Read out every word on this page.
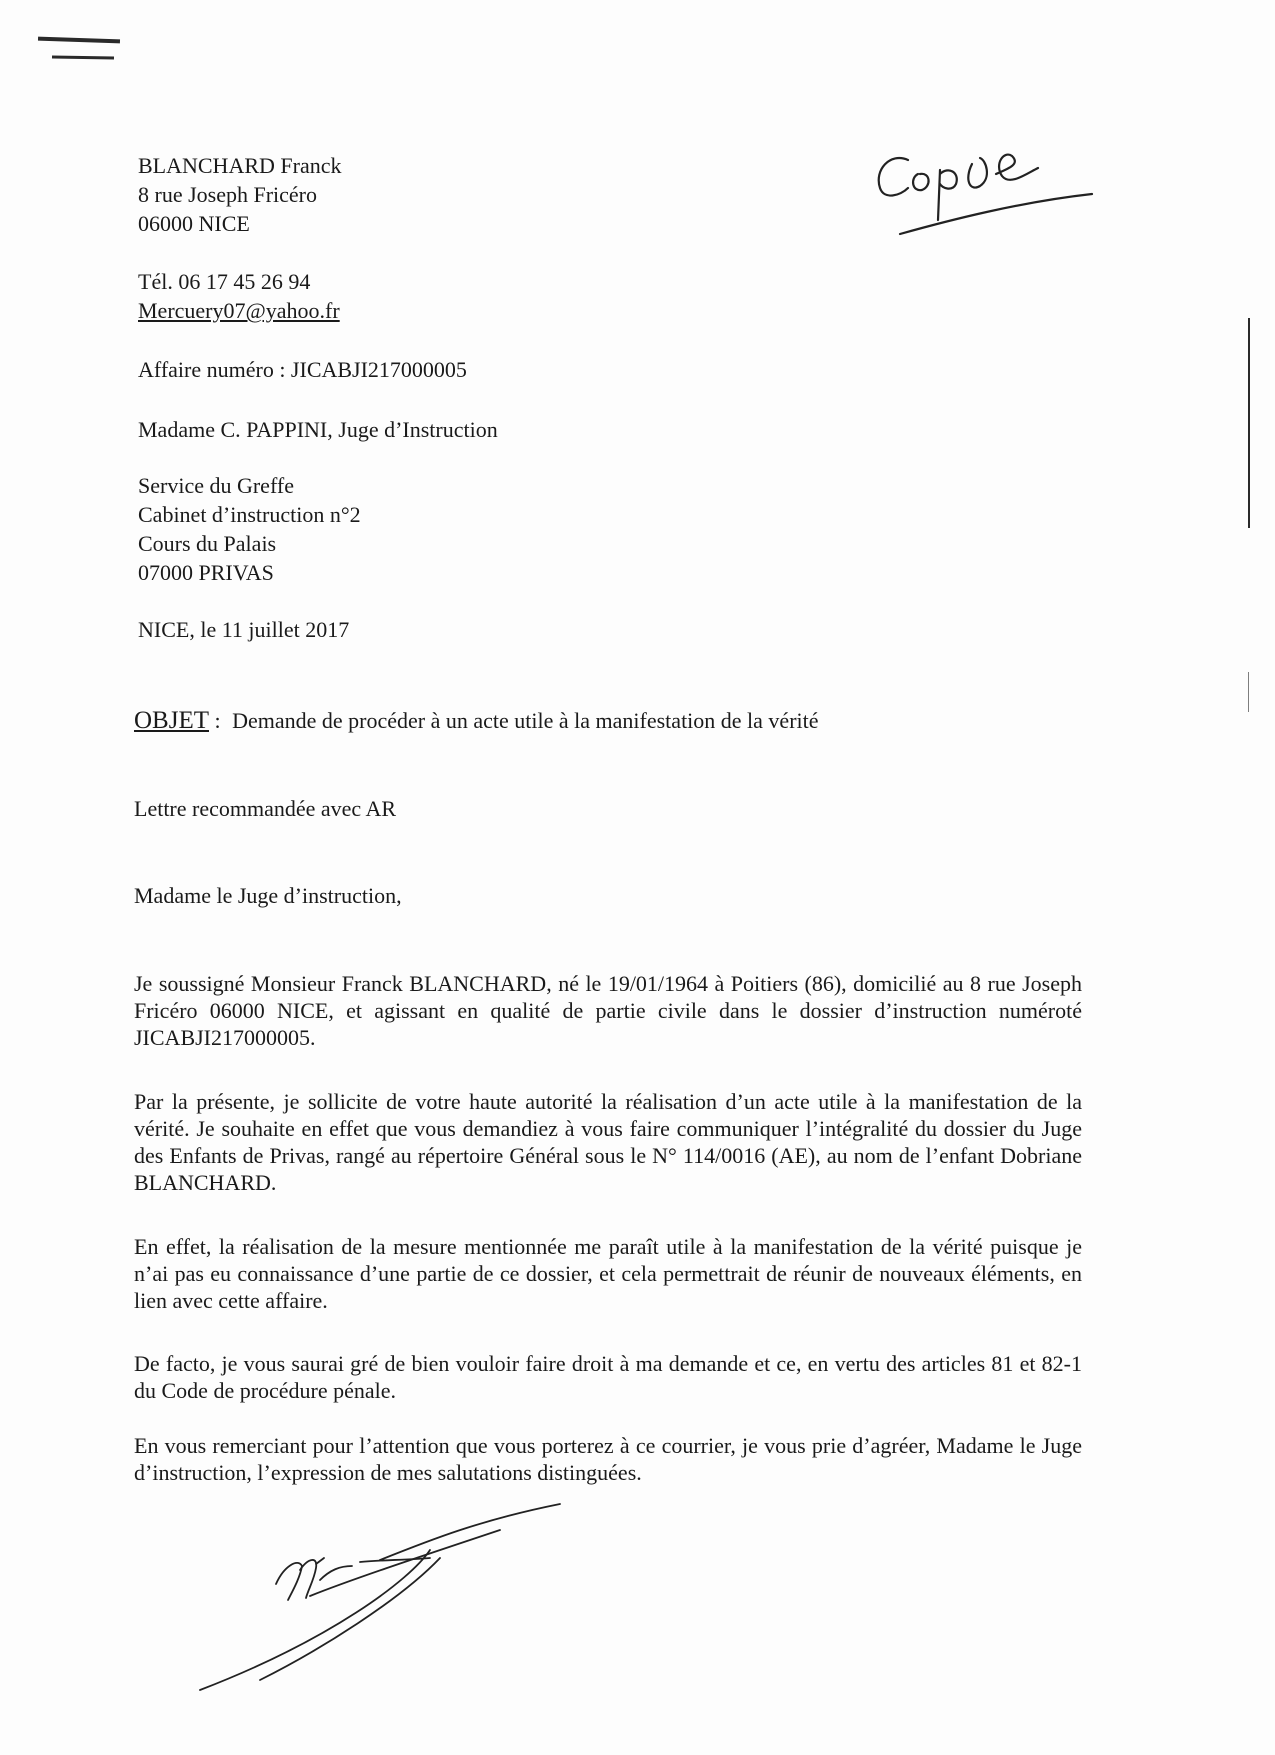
BLANCHARD Franck
8 rue Joseph Fricéro
06000 NICE
Tél. 06 17 45 26 94
Mercuery07@yahoo.fr
Affaire numéro : JICABJI217000005
Madame C. PAPPINI, Juge d’Instruction
Service du Greffe
Cabinet d’instruction n°2
Cours du Palais
07000 PRIVAS
NICE, le 11 juillet 2017
OBJET : Demande de procéder à un acte utile à la manifestation de la vérité
Lettre recommandée avec AR
Madame le Juge d’instruction,
Je soussigné Monsieur Franck BLANCHARD, né le 19/01/1964 à Poitiers (86), domicilié au 8 rue Joseph Fricéro 06000 NICE, et agissant en qualité de partie civile dans le dossier d’instruction numéroté JICABJI217000005.
Par la présente, je sollicite de votre haute autorité la réalisation d’un acte utile à la manifestation de la vérité. Je souhaite en effet que vous demandiez à vous faire communiquer l’intégralité du dossier du Juge des Enfants de Privas, rangé au répertoire Général sous le N° 114/0016 (AE), au nom de l’enfant Dobriane BLANCHARD.
En effet, la réalisation de la mesure mentionnée me paraît utile à la manifestation de la vérité puisque je n’ai pas eu connaissance d’une partie de ce dossier, et cela permettrait de réunir de nouveaux éléments, en lien avec cette affaire.
De facto, je vous saurai gré de bien vouloir faire droit à ma demande et ce, en vertu des articles 81 et 82-1 du Code de procédure pénale.
En vous remerciant pour l’attention que vous porterez à ce courrier, je vous prie d’agréer, Madame le Juge d’instruction, l’expression de mes salutations distinguées.
